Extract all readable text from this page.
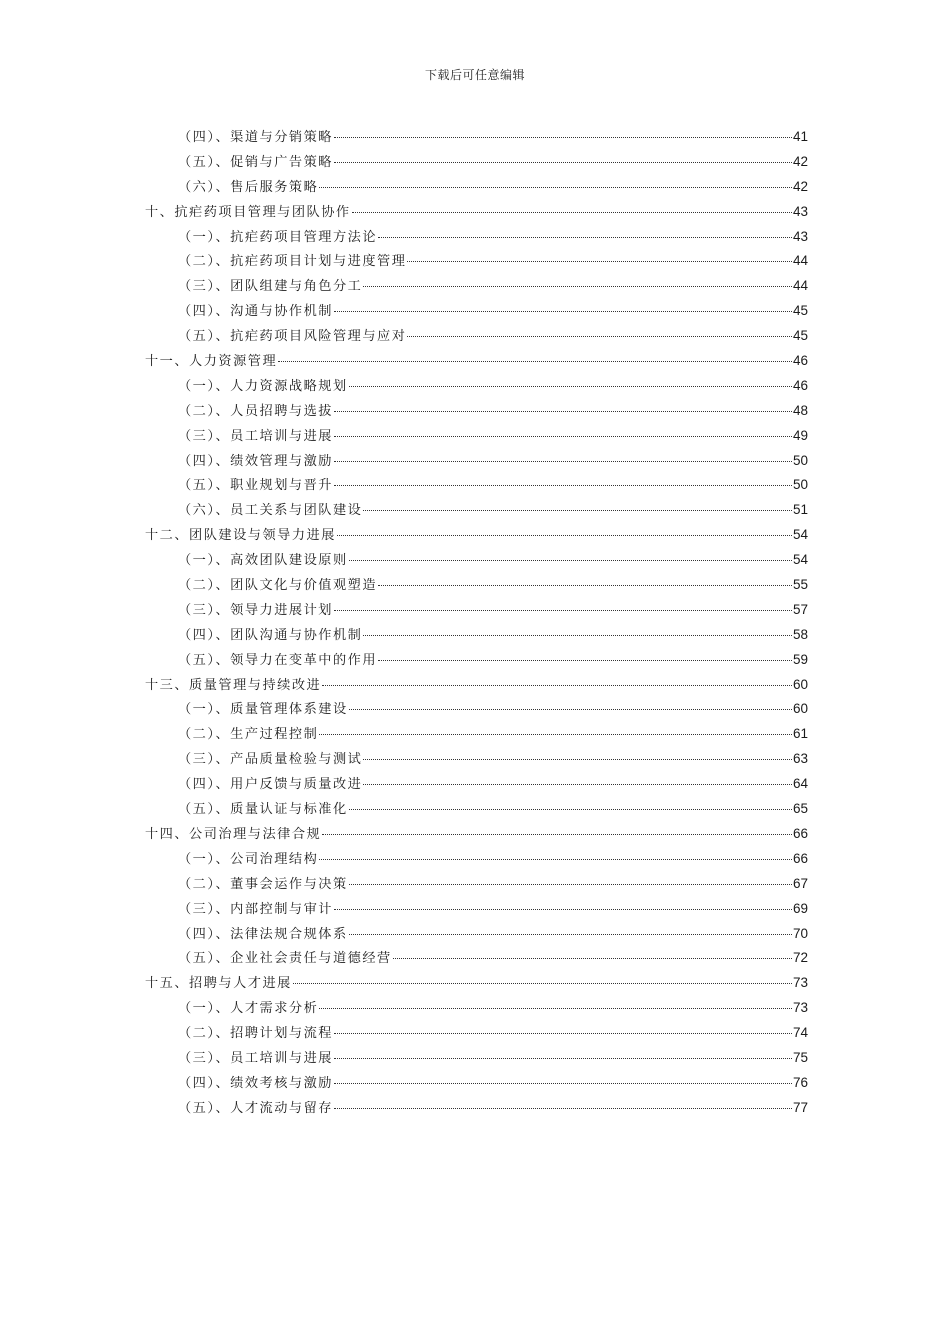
下载后可任意编辑
（四）、渠道与分销策略	41
（五）、促销与广告策略	42
（六）、售后服务策略	42
十、抗疟药项目管理与团队协作	43
（一）、抗疟药项目管理方法论	43
（二）、抗疟药项目计划与进度管理	44
（三）、团队组建与角色分工	44
（四）、沟通与协作机制	45
（五）、抗疟药项目风险管理与应对	45
十一、人力资源管理	46
（一）、人力资源战略规划	46
（二）、人员招聘与选拔	48
（三）、员工培训与进展	49
（四）、绩效管理与激励	50
（五）、职业规划与晋升	50
（六）、员工关系与团队建设	51
十二、团队建设与领导力进展	54
（一）、高效团队建设原则	54
（二）、团队文化与价值观塑造	55
（三）、领导力进展计划	57
（四）、团队沟通与协作机制	58
（五）、领导力在变革中的作用	59
十三、质量管理与持续改进	60
（一）、质量管理体系建设	60
（二）、生产过程控制	61
（三）、产品质量检验与测试	63
（四）、用户反馈与质量改进	64
（五）、质量认证与标准化	65
十四、公司治理与法律合规	66
（一）、公司治理结构	66
（二）、董事会运作与决策	67
（三）、内部控制与审计	69
（四）、法律法规合规体系	70
（五）、企业社会责任与道德经营	72
十五、招聘与人才进展	73
（一）、人才需求分析	73
（二）、招聘计划与流程	74
（三）、员工培训与进展	75
（四）、绩效考核与激励	76
（五）、人才流动与留存	77
